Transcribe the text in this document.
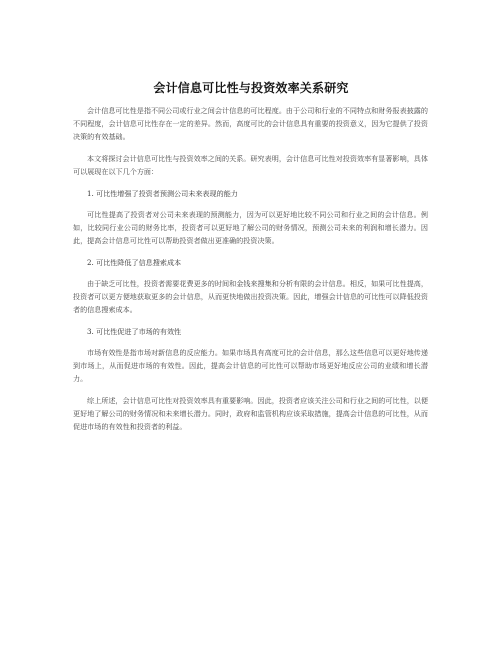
会计信息可比性与投资效率关系研究

会计信息可比性是指不同公司或行业之间会计信息的可比程度。由于公司和行业的不同特点和财务报表披露的不同程度，会计信息可比性存在一定的差异。然而，高度可比的会计信息具有重要的投资意义，因为它提供了投资决策的有效基础。

本文将探讨会计信息可比性与投资效率之间的关系。研究表明，会计信息可比性对投资效率有显著影响，具体可以展现在以下几个方面：

1. 可比性增强了投资者预测公司未来表现的能力

可比性提高了投资者对公司未来表现的预测能力，因为可以更好地比较不同公司和行业之间的会计信息。例如，比较同行业公司的财务比率，投资者可以更好地了解公司的财务情况，预测公司未来的利润和增长潜力。因此，提高会计信息可比性可以帮助投资者做出更准确的投资决策。

2. 可比性降低了信息搜索成本

由于缺乏可比性，投资者需要花费更多的时间和金钱来搜集和分析有限的会计信息。相反，如果可比性提高，投资者可以更方便地获取更多的会计信息，从而更快地做出投资决策。因此，增强会计信息的可比性可以降低投资者的信息搜索成本。

3. 可比性促进了市场的有效性

市场有效性是指市场对新信息的反应能力。如果市场具有高度可比的会计信息，那么这些信息可以更好地传递到市场上，从而促进市场的有效性。因此，提高会计信息的可比性可以帮助市场更好地反应公司的业绩和增长潜力。

综上所述，会计信息可比性对投资效率具有重要影响。因此，投资者应该关注公司和行业之间的可比性，以便更好地了解公司的财务情况和未来增长潜力。同时，政府和监管机构应该采取措施，提高会计信息的可比性，从而促进市场的有效性和投资者的利益。
